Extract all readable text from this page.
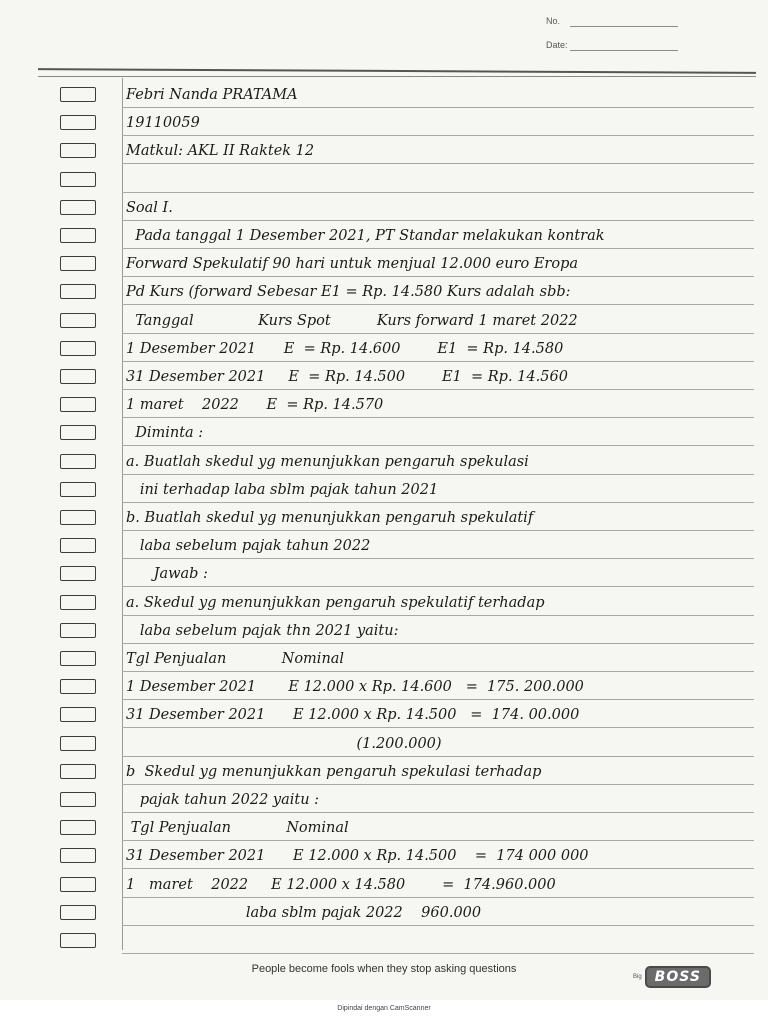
No.
Date:
Febri Nanda PRATAMA
19110059
Matkul: AKL II Raktek 12
Soal I.
Pada tanggal 1 Desember 2021, PT Standar melakukan kontrak
Forward Spekulatif 90 hari untuk menjual 12.000 euro Eropa
Pd Kurs (forward Sebesar E1 = Rp. 14.580 Kurs adalah sbb:
Tanggal              Kurs Spot          Kurs forward 1 maret 2022
1 Desember 2021      E  = Rp. 14.600        E1  = Rp. 14.580
31 Desember 2021     E  = Rp. 14.500        E1  = Rp. 14.560
1 maret    2022      E  = Rp. 14.570
Diminta :
a. Buatlah skedul yg menunjukkan pengaruh spekulasi
ini terhadap laba sblm pajak tahun 2021
b. Buatlah skedul yg menunjukkan pengaruh spekulatif
laba sebelum pajak tahun 2022
Jawab :
a. Skedul yg menunjukkan pengaruh spekulatif terhadap
laba sebelum pajak thn 2021 yaitu:
Tgl Penjualan            Nominal
1 Desember 2021       E 12.000 x Rp. 14.600   =  175. 200.000
31 Desember 2021      E 12.000 x Rp. 14.500   =  174. 00.000
(1.200.000)
b  Skedul yg menunjukkan pengaruh spekulasi terhadap
pajak tahun 2022 yaitu :
Tgl Penjualan            Nominal
31 Desember 2021      E 12.000 x Rp. 14.500    =  174 000 000
1   maret    2022     E 12.000 x 14.580        =  174.960.000
laba sblm pajak 2022    960.000
People become fools when they stop asking questions
Big BOSS
Dipindai dengan CamScanner
